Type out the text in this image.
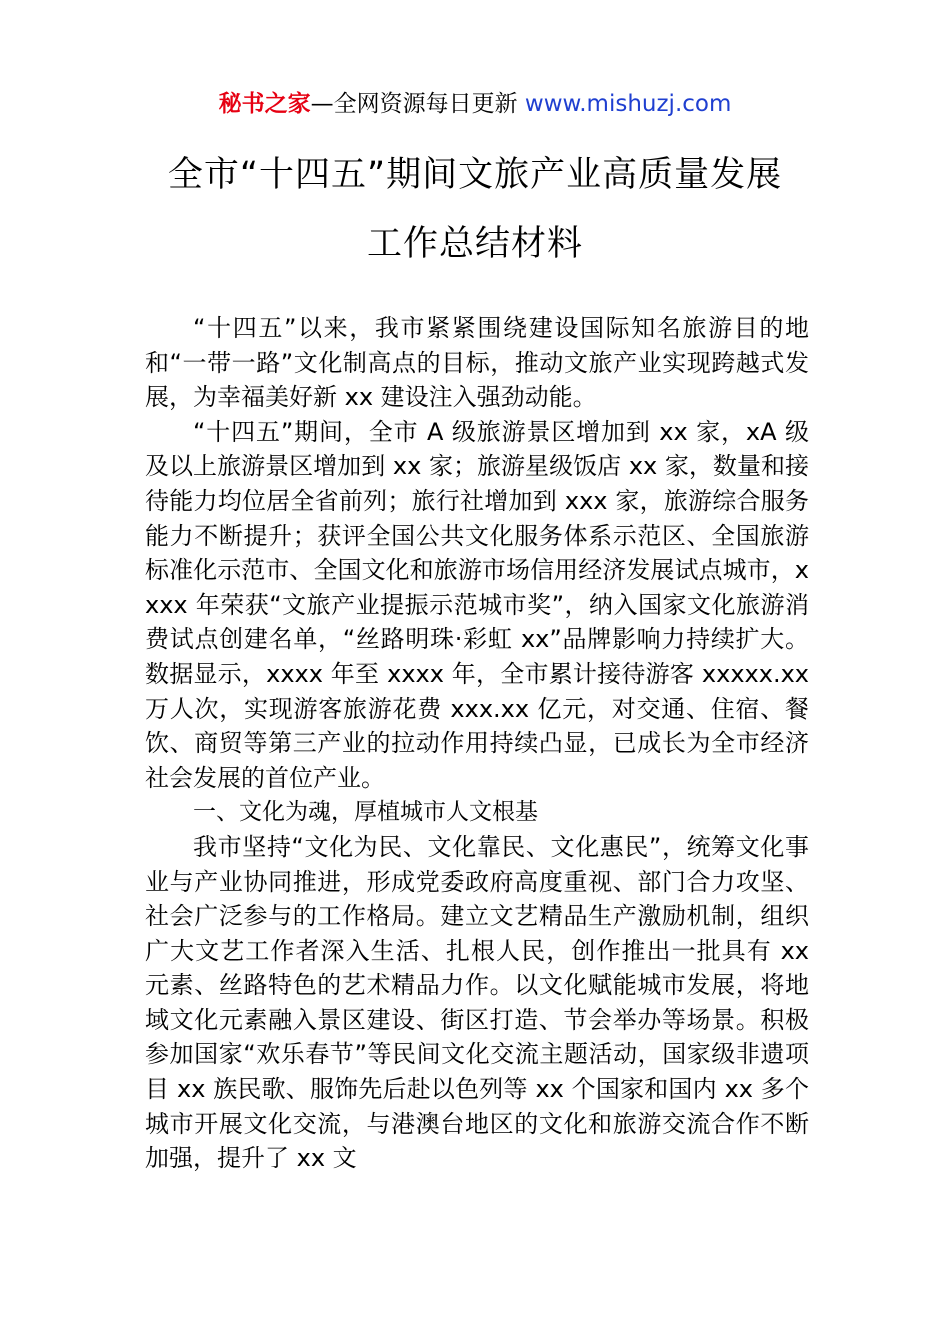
秘书之家—全网资源每日更新 www.mishuzj.com
全市“十四五”期间文旅产业高质量发展
工作总结材料

“十四五”以来，我市紧紧围绕建设国际知名旅游目的地和“一带一路”文化制高点的目标，推动文旅产业实现跨越式发展，为幸福美好新 xx 建设注入强劲动能。

“十四五”期间，全市 A 级旅游景区增加到 xx 家，xA 级及以上旅游景区增加到 xx 家；旅游星级饭店 xx 家，数量和接待能力均位居全省前列；旅行社增加到 xxx 家，旅游综合服务能力不断提升；获评全国公共文化服务体系示范区、全国旅游标准化示范市、全国文化和旅游市场信用经济发展试点城市，xxxx 年荣获“文旅产业提振示范城市奖”，纳入国家文化旅游消费试点创建名单，“丝路明珠·彩虹 xx”品牌影响力持续扩大。数据显示，xxxx 年至 xxxx 年，全市累计接待游客 xxxxx.xx 万人次，实现游客旅游花费 xxx.xx 亿元，对交通、住宿、餐饮、商贸等第三产业的拉动作用持续凸显，已成长为全市经济社会发展的首位产业。

一、文化为魂，厚植城市人文根基

我市坚持“文化为民、文化靠民、文化惠民”，统筹文化事业与产业协同推进，形成党委政府高度重视、部门合力攻坚、社会广泛参与的工作格局。建立文艺精品生产激励机制，组织广大文艺工作者深入生活、扎根人民，创作推出一批具有 xx 元素、丝路特色的艺术精品力作。以文化赋能城市发展，将地域文化元素融入景区建设、街区打造、节会举办等场景。积极参加国家“欢乐春节”等民间文化交流主题活动，国家级非遗项目 xx 族民歌、服饰先后赴以色列等 xx 个国家和国内 xx 多个城市开展文化交流，与港澳台地区的文化和旅游交流合作不断加强，提升了 xx 文
